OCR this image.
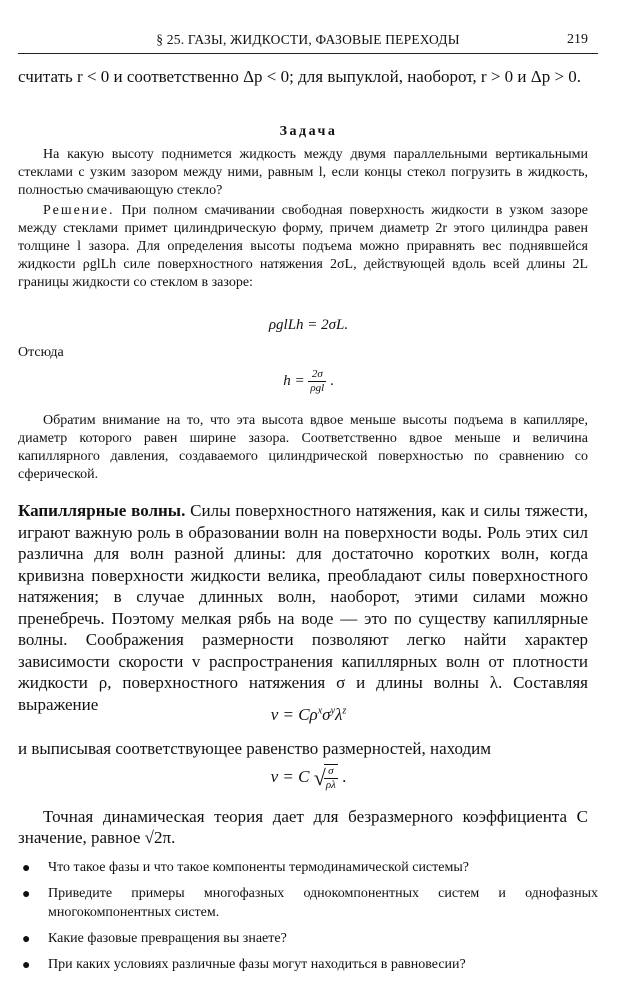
§ 25. ГАЗЫ, ЖИДКОСТИ, ФАЗОВЫЕ ПЕРЕХОДЫ	219

считать r < 0 и соответственно Δp < 0; для выпуклой, наоборот, r > 0 и Δp > 0.

Задача

На какую высоту поднимется жидкость между двумя параллельными вертикальными стеклами с узким зазором между ними, равным l, если концы стекол погрузить в жидкость, полностью смачивающую стекло?

Решение. При полном смачивании свободная поверхность жидкости в узком зазоре между стеклами примет цилиндрическую форму, причем диаметр 2r этого цилиндра равен толщине l зазора. Для определения высоты подъема можно приравнять вес поднявшейся жидкости ρglLh силе поверхностного натяжения 2σL, действующей вдоль всей длины 2L границы жидкости со стеклом в зазоре:

ρglLh = 2σL.
Отсюда
$h = \frac{2\sigma}{\text{ρgl}}$ .

Обратим внимание на то, что эта высота вдвое меньше высоты подъема в капилляре, диаметр которого равен ширине зазора. Соответственно вдвое меньше и величина капиллярного давления, создаваемого цилиндрической поверхностью по сравнению со сферической.

Капиллярные волны. Силы поверхностного натяжения, как и силы тяжести, играют важную роль в образовании волн на поверхности воды. Роль этих сил различна для волн разной длины: для достаточно коротких волн, когда кривизна поверхности жидкости велика, преобладают силы поверхностного натяжения; в случае длинных волн, наоборот, этими силами можно пренебречь. Поэтому мелкая рябь на воде — это по существу капиллярные волны. Соображения размерности позволяют легко найти характер зависимости скорости v распространения капиллярных волн от плотности жидкости ρ, поверхностного натяжения σ и длины волны λ. Составляя выражение

$v = C\rho^x\sigma^y\lambda^z$

и выписывая соответствующее равенство размерностей, находим

v = C √
$\frac{\sigma}{\rho\lambda}$ .

Точная динамическая теория дает для безразмерного коэффициента C значение, равное √2π.

● Что такое фазы и что такое компоненты термодинамической системы?
● Приведите примеры многофазных однокомпонентных систем и однофазных многокомпонентных систем.
● Какие фазовые превращения вы знаете?
● При каких условиях различные фазы могут находиться в равновесии?
